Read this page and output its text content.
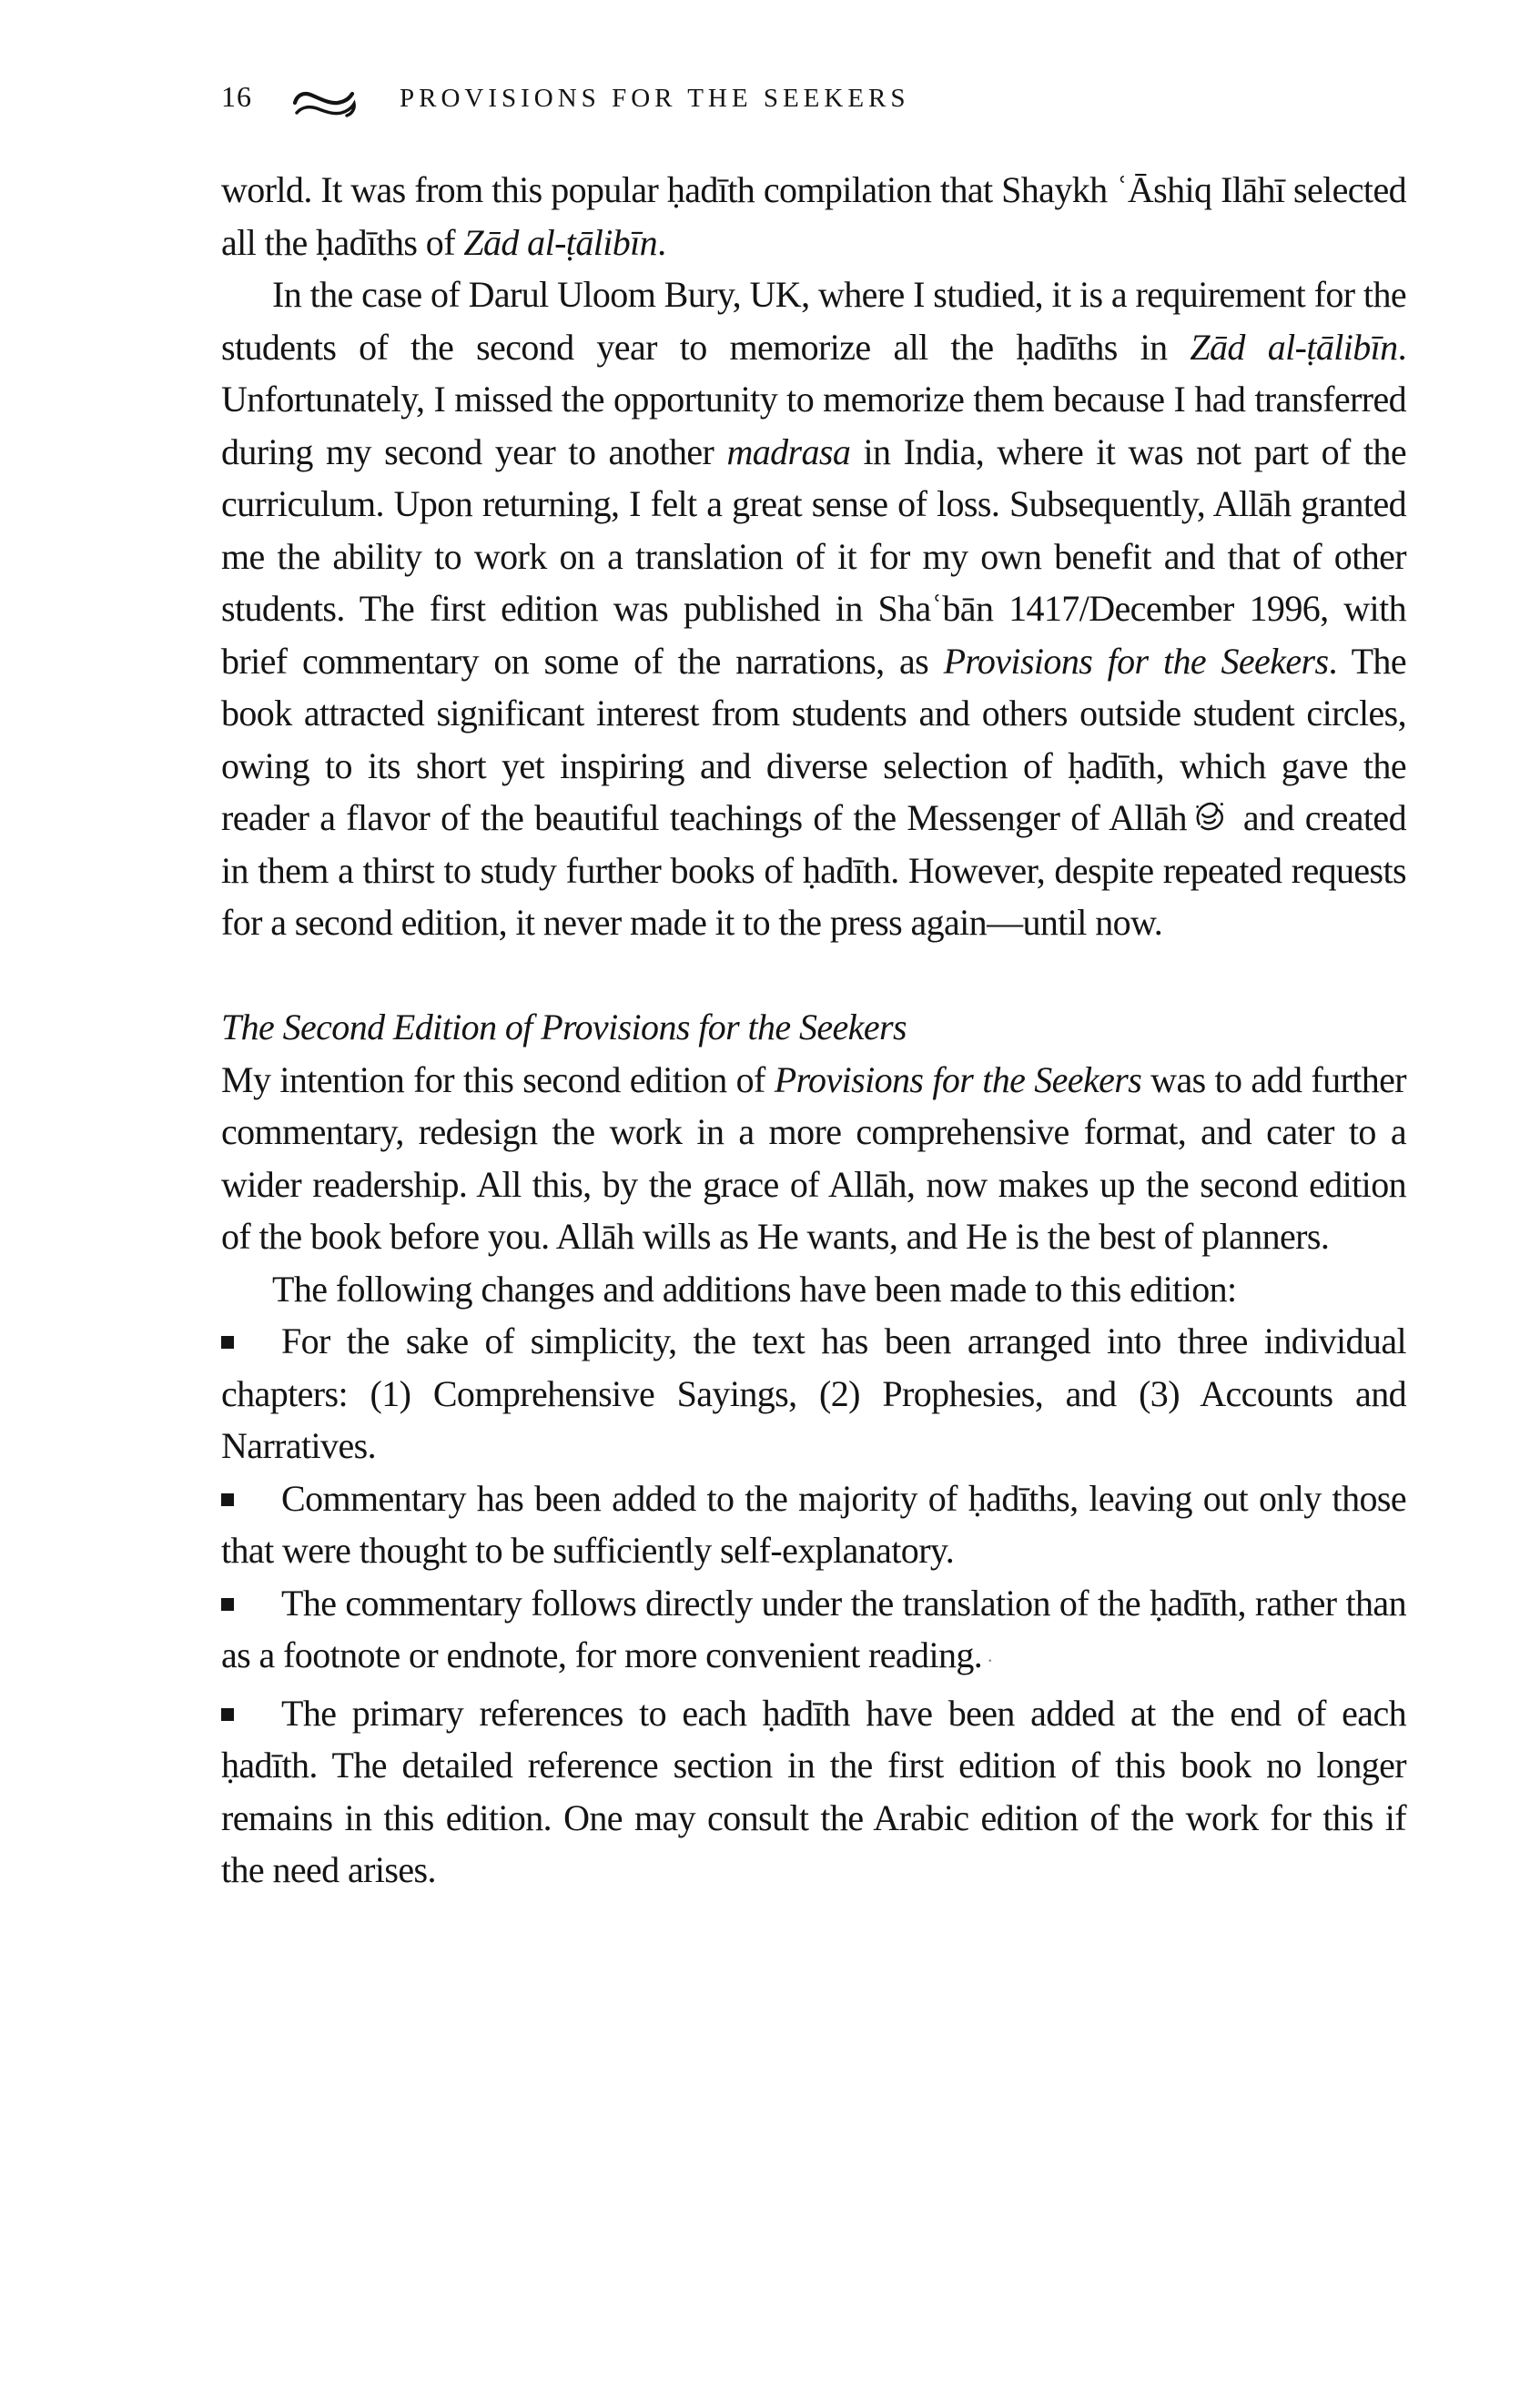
16	PROVISIONS FOR THE SEEKERS

world. It was from this popular ḥadīth compilation that Shaykh ʿĀshiq Ilāhī selected all the ḥadīths of Zād al-ṭālibīn.

In the case of Darul Uloom Bury, UK, where I studied, it is a requirement for the students of the second year to memorize all the ḥadīths in Zād al-ṭālibīn. Unfortunately, I missed the opportunity to memorize them because I had transferred during my second year to another madrasa in India, where it was not part of the curriculum. Upon returning, I felt a great sense of loss. Subsequently, Allāh granted me the ability to work on a translation of it for my own benefit and that of other students. The first edition was published in Shaʿbān 1417/December 1996, with brief commentary on some of the narrations, as Provisions for the Seekers. The book attracted significant interest from students and others outside student circles, owing to its short yet inspiring and diverse selection of ḥadīth, which gave the reader a flavor of the beautiful teachings of the Messenger of Allāh and created in them a thirst to study further books of ḥadīth. However, despite repeated requests for a second edition, it never made it to the press again—until now.

The Second Edition of Provisions for the Seekers

My intention for this second edition of Provisions for the Seekers was to add further commentary, redesign the work in a more comprehensive format, and cater to a wider readership. All this, by the grace of Allāh, now makes up the second edition of the book before you. Allāh wills as He wants, and He is the best of planners.

The following changes and additions have been made to this edition:

For the sake of simplicity, the text has been arranged into three individual chapters: (1) Comprehensive Sayings, (2) Prophesies, and (3) Accounts and Narratives.

Commentary has been added to the majority of ḥadīths, leaving out only those that were thought to be sufficiently self-explanatory.

The commentary follows directly under the translation of the ḥadīth, rather than as a footnote or endnote, for more convenient reading. ·

The primary references to each ḥadīth have been added at the end of each ḥadīth. The detailed reference section in the first edition of this book no longer remains in this edition. One may consult the Arabic edition of the work for this if the need arises.
